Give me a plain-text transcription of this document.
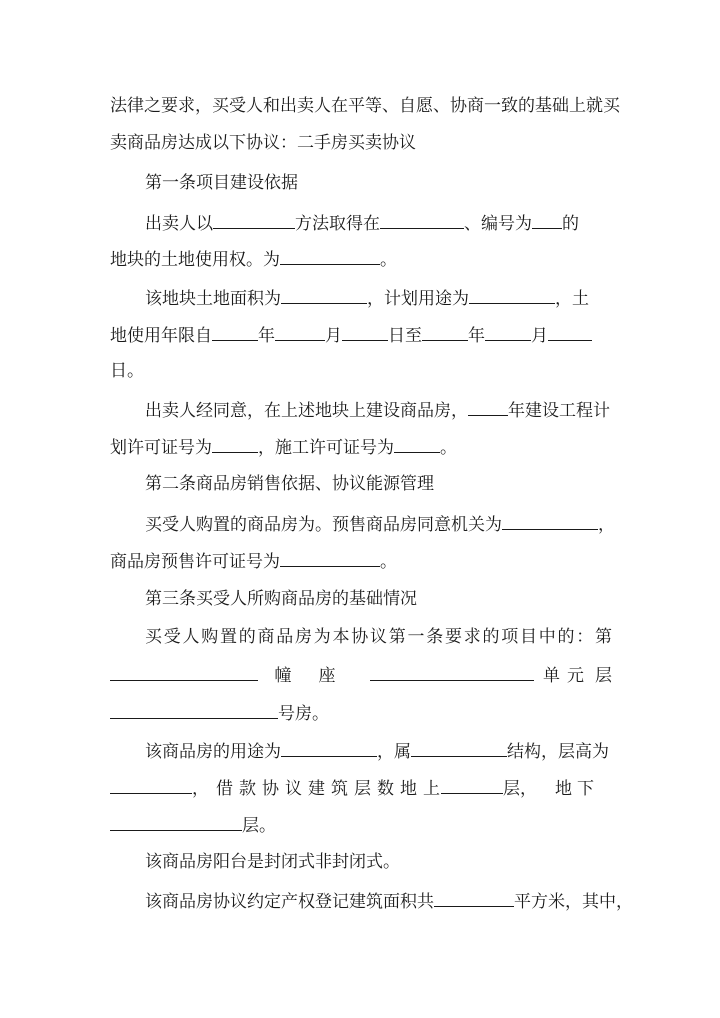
法律之要求，买受人和出卖人在平等、自愿、协商一致的基础上就买
卖商品房达成以下协议：二手房买卖协议
第一条项目建设依据
出卖人以	方法取得在	、编号为 的
地块的土地使用权。为	。
该地块土地面积为	，计划用途为	，土
地使用年限自	年	月	日至	年	月
日。
出卖人经同意，在上述地块上建设商品房， 年建设工程计
划许可证号为	，施工许可证号为	。
第二条商品房销售依据、协议能源管理
买受人购置的商品房为。预售商品房同意机关为	，
商品房预售许可证号为	。
第三条买受人所购商品房的基础情况
买受人购置的商品房为本协议第一条要求的项目中的：第
幢 座	单 元 层
号房。
该商品房的用途为	，属	结构，层高为
， 借 款 协 议 建 筑 层 数 地 上	层， 地 下
层。
该商品房阳台是封闭式非封闭式。
该商品房协议约定产权登记建筑面积共	平方米，其中，
